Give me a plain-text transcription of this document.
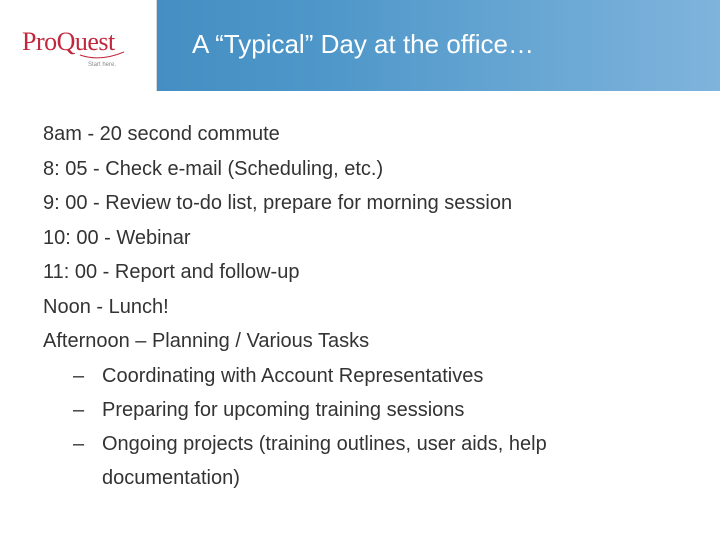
ProQuest
Start here.
A “Typical” Day at the office…
8am - 20 second commute
8: 05 - Check e-mail (Scheduling, etc.)
9: 00 - Review to-do list, prepare for morning session
10: 00 - Webinar
11: 00 - Report and follow-up
Noon - Lunch!
Afternoon – Planning / Various Tasks
– Coordinating with Account Representatives
– Preparing for upcoming training sessions
– Ongoing projects (training outlines, user aids, help documentation)
